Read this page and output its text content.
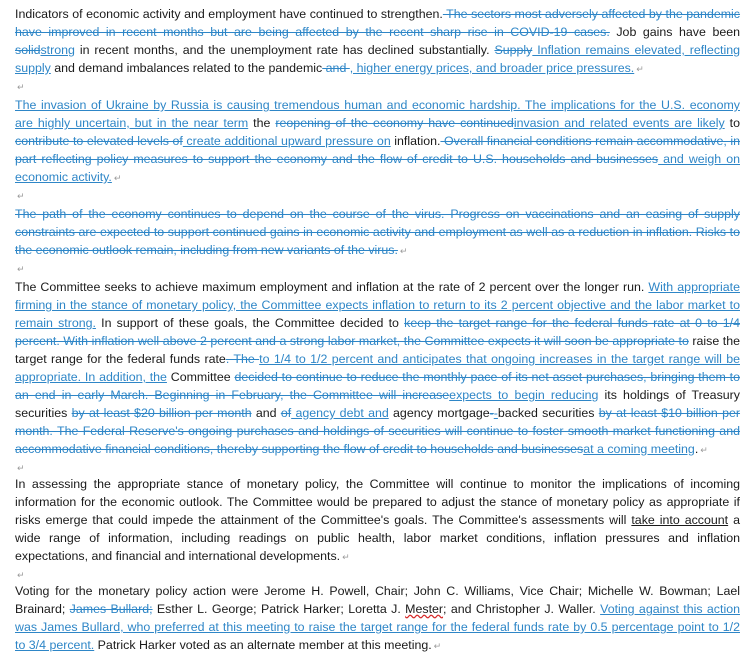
Indicators of economic activity and employment have continued to strengthen. The sectors most adversely affected by the pandemic have improved in recent months but are being affected by the recent sharp rise in COVID-19 cases. Job gains have been solidstrong in recent months, and the unemployment rate has declined substantially. Supply Inflation remains elevated, reflecting supply and demand imbalances related to the pandemic and , higher energy prices, and broader price pressures. ↵

↵

The invasion of Ukraine by Russia is causing tremendous human and economic hardship. The implications for the U.S. economy are highly uncertain, but in the near term the reopening of the economy have continuedinvasion and related events are likely to contribute to elevated levels of create additional upward pressure on inflation. Overall financial conditions remain accommodative, in part reflecting policy measures to support the economy and the flow of credit to U.S. households and businesses and weigh on economic activity. ↵

↵

The path of the economy continues to depend on the course of the virus. Progress on vaccinations and an easing of supply constraints are expected to support continued gains in economic activity and employment as well as a reduction in inflation. Risks to the economic outlook remain, including from new variants of the virus. ↵

↵

The Committee seeks to achieve maximum employment and inflation at the rate of 2 percent over the longer run. With appropriate firming in the stance of monetary policy, the Committee expects inflation to return to its 2 percent objective and the labor market to remain strong. In support of these goals, the Committee decided to keep the target range for the federal funds rate at 0 to 1/4 percent. With inflation well above 2 percent and a strong labor market, the Committee expects it will soon be appropriate to raise the target range for the federal funds rate. The to 1/4 to 1/2 percent and anticipates that ongoing increases in the target range will be appropriate. In addition, the Committee decided to continue to reduce the monthly pace of its net asset purchases, bringing them to an end in early March. Beginning in February, the Committee will increaseexpects to begin reducing its holdings of Treasury securities by at least $20 billion per month and of agency debt and agency mortgage--backed securities by at least $10 billion per month. The Federal Reserve's ongoing purchases and holdings of securities will continue to foster smooth market functioning and accommodative financial conditions, thereby supporting the flow of credit to households and businessesat a coming meeting. ↵

↵

In assessing the appropriate stance of monetary policy, the Committee will continue to monitor the implications of incoming information for the economic outlook. The Committee would be prepared to adjust the stance of monetary policy as appropriate if risks emerge that could impede the attainment of the Committee's goals. The Committee's assessments will take into account a wide range of information, including readings on public health, labor market conditions, inflation pressures and inflation expectations, and financial and international developments. ↵

↵

Voting for the monetary policy action were Jerome H. Powell, Chair; John C. Williams, Vice Chair; Michelle W. Bowman; Lael Brainard; James Bullard; Esther L. George; Patrick Harker; Loretta J. Mester; and Christopher J. Waller. Voting against this action was James Bullard, who preferred at this meeting to raise the target range for the federal funds rate by 0.5 percentage point to 1/2 to 3/4 percent. Patrick Harker voted as an alternate member at this meeting. ↵
